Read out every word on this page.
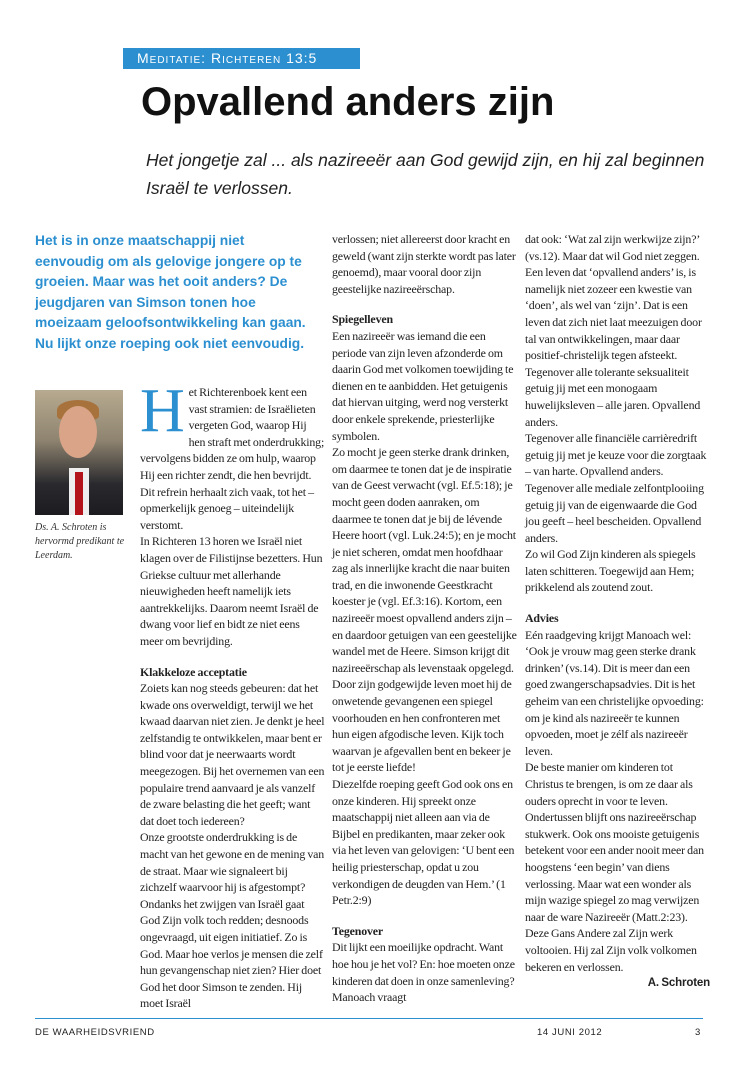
Meditatie: Richteren 13:5
Opvallend anders zijn

Het jongetje zal ... als nazireeër aan God gewijd zijn, en hij zal beginnen Israël te verlossen.

Het is in onze maatschappij niet eenvoudig om als gelovige jongere op te groeien. Maar was het ooit anders? De jeugdjaren van Simson tonen hoe moeizaam geloofsontwikkeling kan gaan. Nu lijkt onze roeping ook niet eenvoudig.

Ds. A. Schroten is hervormd predikant te Leerdam.

Het Richterenboek kent een vast stramien: de Israëlieten vergeten God, waarop Hij hen straft met onderdrukking; vervolgens bidden ze om hulp, waarop Hij een richter zendt, die hen bevrijdt. Dit refrein herhaalt zich vaak, tot het – opmerkelijk genoeg – uiteindelijk verstomt.

In Richteren 13 horen we Israël niet klagen over de Filistijnse bezetters. Hun Griekse cultuur met allerhande nieuwigheden heeft namelijk iets aantrekkelijks. Daarom neemt Israël de dwang voor lief en bidt ze niet eens meer om bevrijding.

Klakkeloze acceptatie

Zoiets kan nog steeds gebeuren: dat het kwade ons overweldigt, terwijl we het kwaad daarvan niet zien. Je denkt je heel zelfstandig te ontwikkelen, maar bent er blind voor dat je neerwaarts wordt meegezogen. Bij het overnemen van een populaire trend aanvaard je als vanzelf de zware belasting die het geeft; want dat doet toch iedereen?

Onze grootste onderdrukking is de macht van het gewone en de mening van de straat. Maar wie signaleert bij zichzelf waarvoor hij is afgestompt? Ondanks het zwijgen van Israël gaat God Zijn volk toch redden; desnoods ongevraagd, uit eigen initiatief. Zo is God. Maar hoe verlos je mensen die zelf hun gevangenschap niet zien? Hier doet God het door Simson te zenden. Hij moet Israël

verlossen; niet allereerst door kracht en geweld (want zijn sterkte wordt pas later genoemd), maar vooral door zijn geestelijke nazireeërschap.

Spiegelleven

Een nazireeër was iemand die een periode van zijn leven afzonderde om daarin God met volkomen toewijding te dienen en te aanbidden. Het getuigenis dat hiervan uitging, werd nog versterkt door enkele sprekende, priesterlijke symbolen.

Zo mocht je geen sterke drank drinken, om daarmee te tonen dat je de inspiratie van de Geest verwacht (vgl. Ef.5:18); je mocht geen doden aanraken, om daarmee te tonen dat je bij de lévende Heere hoort (vgl. Luk.24:5); en je mocht je niet scheren, omdat men hoofdhaar zag als innerlijke kracht die naar buiten trad, en die inwonende Geestkracht koester je (vgl. Ef.3:16). Kortom, een nazireeër moest opvallend anders zijn – en daardoor getuigen van een geestelijke wandel met de Heere. Simson krijgt dit nazireeërschap als levenstaak opgelegd. Door zijn godgewijde leven moet hij de onwetende gevangenen een spiegel voorhouden en hen confronteren met hun eigen afgodische leven. Kijk toch waarvan je afgevallen bent en bekeer je tot je eerste liefde!

Diezelfde roeping geeft God ook ons en onze kinderen. Hij spreekt onze maatschappij niet alleen aan via de Bijbel en predikanten, maar zeker ook via het leven van gelovigen: ‘U bent een heilig priesterschap, opdat u zou verkondigen de deugden van Hem.’ (1 Petr.2:9)

Tegenover

Dit lijkt een moeilijke opdracht. Want hoe hou je het vol? En: hoe moeten onze kinderen dat doen in onze samenleving? Manoach vraagt

dat ook: ‘Wat zal zijn werkwijze zijn?’ (vs.12). Maar dat wil God niet zeggen.

Een leven dat ‘opvallend anders’ is, is namelijk niet zozeer een kwestie van ‘doen’, als wel van ‘zijn’. Dat is een leven dat zich niet laat meezuigen door tal van ontwikkelingen, maar daar positief-christelijk tegen afsteekt.

Tegenover alle tolerante seksualiteit getuig jij met een monogaam huwelijksleven – alle jaren. Opvallend anders.

Tegenover alle financiële carrièredrift getuig jij met je keuze voor die zorgtaak – van harte. Opvallend anders.

Tegenover alle mediale zelfontplooiing getuig jij van de eigenwaarde die God jou geeft – heel bescheiden. Opvallend anders.

Zo wil God Zijn kinderen als spiegels laten schitteren. Toegewijd aan Hem; prikkelend als zoutend zout.

Advies

Eén raadgeving krijgt Manoach wel: ‘Ook je vrouw mag geen sterke drank drinken’ (vs.14). Dit is meer dan een goed zwangerschapsadvies. Dit is het geheim van een christelijke opvoeding: om je kind als nazireeër te kunnen opvoeden, moet je zélf als nazireeër leven.

De beste manier om kinderen tot Christus te brengen, is om ze daar als ouders oprecht in voor te leven. Ondertussen blijft ons nazireeërschap stukwerk. Ook ons mooiste getuigenis betekent voor een ander nooit meer dan hoogstens ‘een begin’ van diens verlossing. Maar wat een wonder als mijn wazige spiegel zo mag verwijzen naar de ware Nazireeër (Matt.2:23). Deze Gans Andere zal Zijn werk voltooien. Hij zal Zijn volk volkomen bekeren en verlossen.

A. Schroten

DE WAARHEIDSVRIEND	14 JUNI 2012	3
